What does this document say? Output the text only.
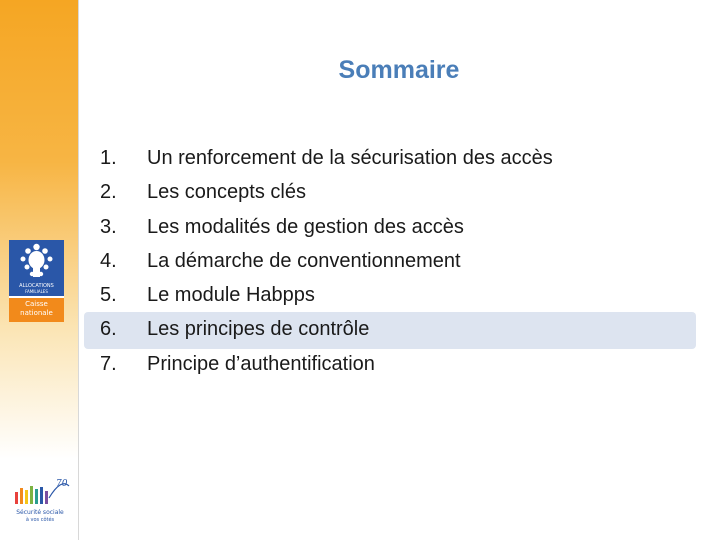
ALLOCATIONS
FAMILIALES
Caisse
nationale
70
Sécurité sociale
à vos côtés
Sommaire
1.	Un renforcement de la sécurisation des accès
2.	Les concepts clés
3.	Les modalités de gestion des accès
4.	La démarche de conventionnement
5.	Le module Habpps
6.	Les principes de contrôle
7.	Principe d’authentification
